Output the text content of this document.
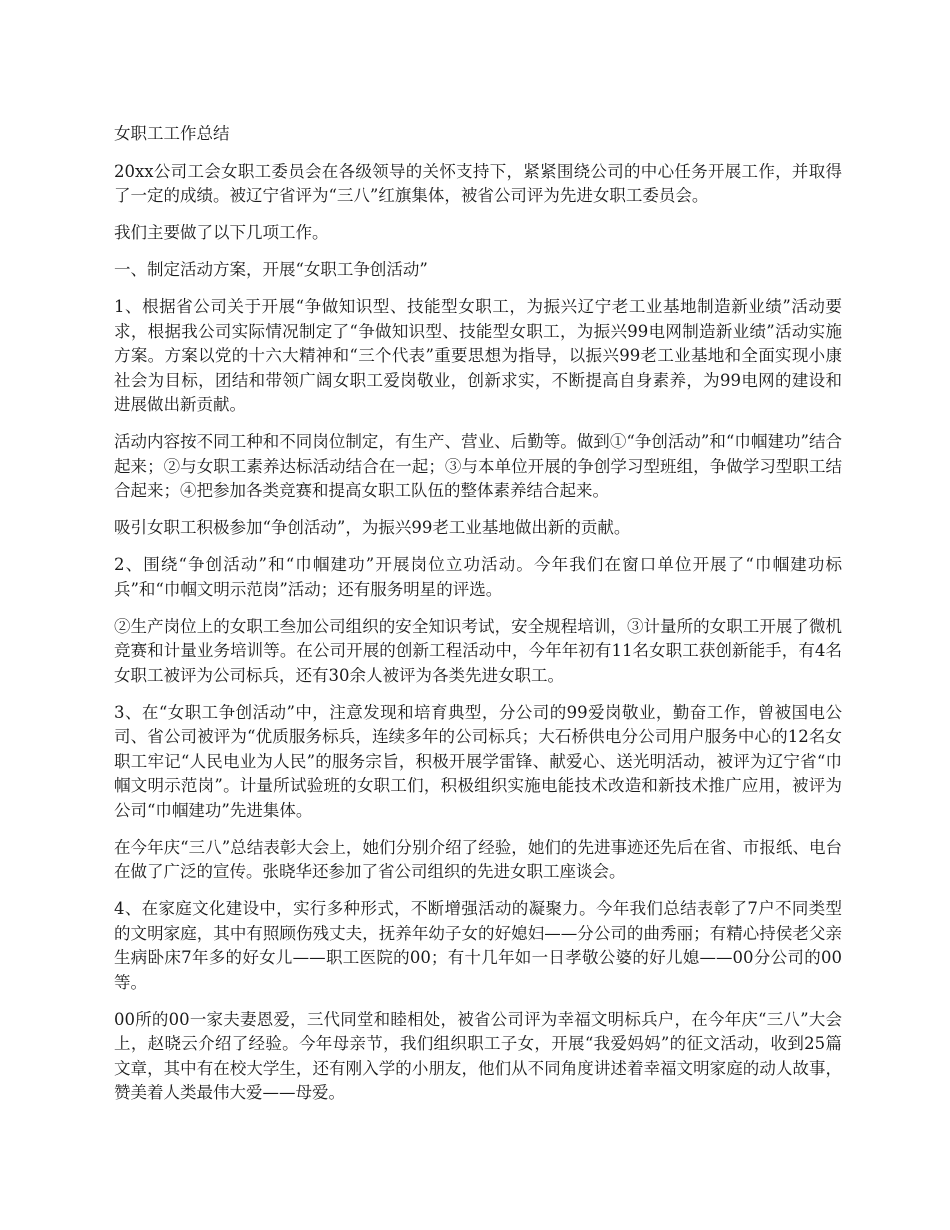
女职工工作总结

20xx公司工会女职工委员会在各级领导的关怀支持下，紧紧围绕公司的中心任务开展工作，并取得了一定的成绩。被辽宁省评为“三八”红旗集体，被省公司评为先进女职工委员会。

我们主要做了以下几项工作。

一、制定活动方案，开展“女职工争创活动”

1、根据省公司关于开展“争做知识型、技能型女职工，为振兴辽宁老工业基地制造新业绩”活动要求，根据我公司实际情况制定了“争做知识型、技能型女职工，为振兴99电网制造新业绩”活动实施方案。方案以党的十六大精神和“三个代表”重要思想为指导，以振兴99老工业基地和全面实现小康社会为目标，团结和带领广阔女职工爱岗敬业，创新求实，不断提高自身素养，为99电网的建设和进展做出新贡献。

活动内容按不同工种和不同岗位制定，有生产、营业、后勤等。做到①“争创活动”和“巾帼建功”结合起来；②与女职工素养达标活动结合在一起；③与本单位开展的争创学习型班组，争做学习型职工结合起来；④把参加各类竞赛和提高女职工队伍的整体素养结合起来。

吸引女职工积极参加“争创活动”，为振兴99老工业基地做出新的贡献。

2、围绕“争创活动”和“巾帼建功”开展岗位立功活动。今年我们在窗口单位开展了“巾帼建功标兵”和“巾帼文明示范岗”活动；还有服务明星的评选。

②生产岗位上的女职工叁加公司组织的安全知识考试，安全规程培训，③计量所的女职工开展了微机竞赛和计量业务培训等。在公司开展的创新工程活动中，今年年初有11名女职工获创新能手，有4名女职工被评为公司标兵，还有30余人被评为各类先进女职工。

3、在“女职工争创活动”中，注意发现和培育典型，分公司的99爱岗敬业，勤奋工作，曾被国电公司、省公司被评为“优质服务标兵，连续多年的公司标兵；大石桥供电分公司用户服务中心的12名女职工牢记“人民电业为人民”的服务宗旨，积极开展学雷锋、献爱心、送光明活动，被评为辽宁省“巾帼文明示范岗”。计量所试验班的女职工们，积极组织实施电能技术改造和新技术推广应用，被评为公司“巾帼建功”先进集体。

在今年庆“三八”总结表彰大会上，她们分别介绍了经验，她们的先进事迹还先后在省、市报纸、电台在做了广泛的宣传。张晓华还参加了省公司组织的先进女职工座谈会。

4、在家庭文化建设中，实行多种形式，不断增强活动的凝聚力。今年我们总结表彰了7户不同类型的文明家庭，其中有照顾伤残丈夫，抚养年幼子女的好媳妇——分公司的曲秀丽；有精心持侯老父亲生病卧床7年多的好女儿——职工医院的00；有十几年如一日孝敬公婆的好儿媳——00分公司的00等。

00所的00一家夫妻恩爱，三代同堂和睦相处，被省公司评为幸福文明标兵户，在今年庆“三八”大会上，赵晓云介绍了经验。今年母亲节，我们组织职工子女，开展“我爱妈妈”的征文活动，收到25篇文章，其中有在校大学生，还有刚入学的小朋友，他们从不同角度讲述着幸福文明家庭的动人故事，赞美着人类最伟大爱——母爱。
